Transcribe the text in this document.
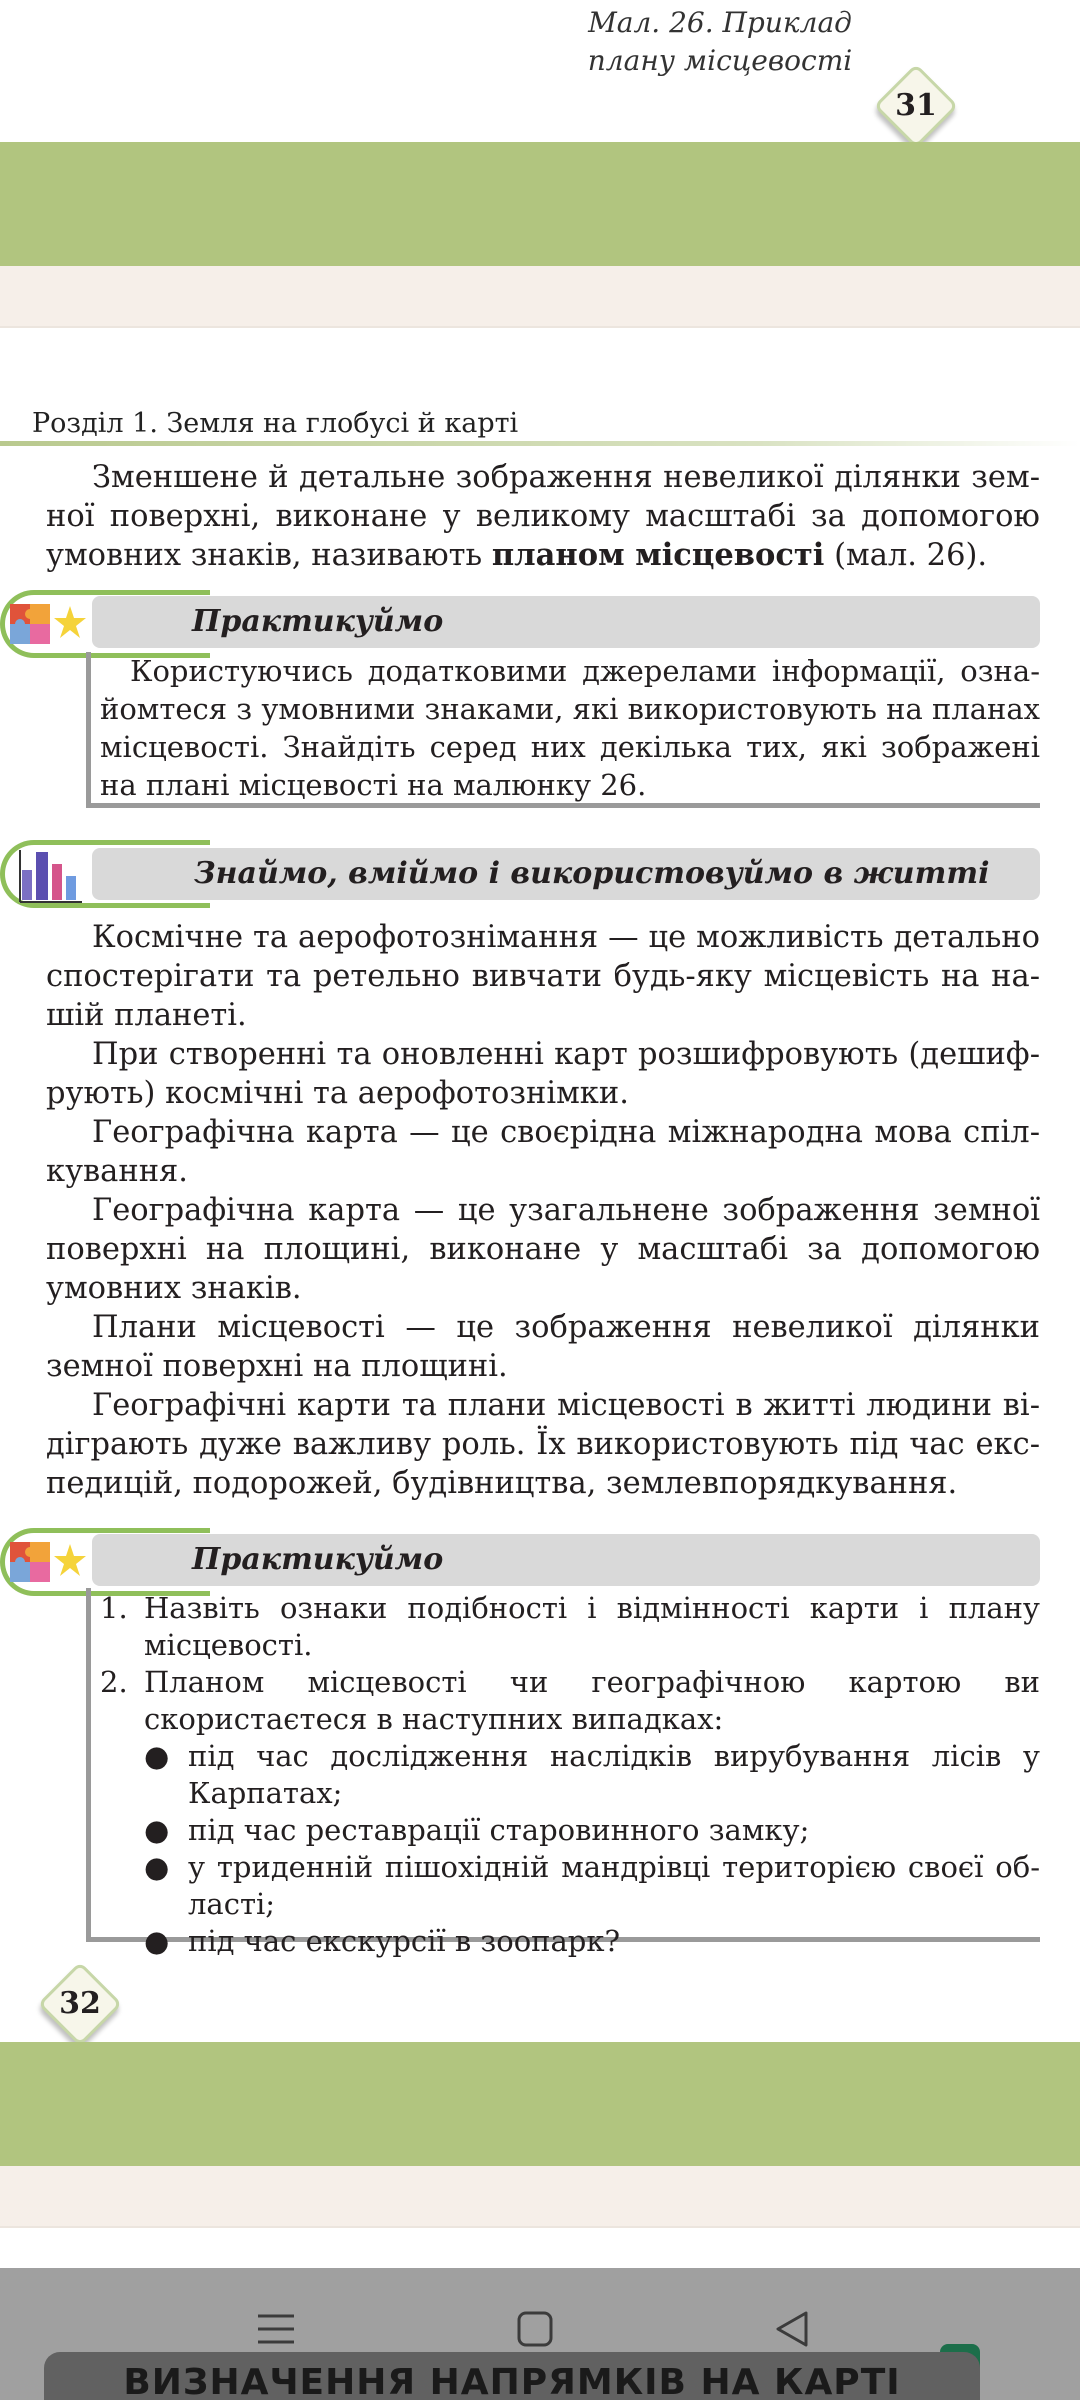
Мал. 26. Приклад
плану місцевості
31
Розділ 1. Земля на глобусі й карті
Зменшене й детальне зображення невеликої ділянки земної поверхні, виконане у великому масштабі за допомогою умовних знаків, називають планом місцевості (мал. 26).
Практикуймо
Користуючись додатковими джерелами інформації, ознайомтеся з умовними знаками, які використовують на планах місцевості. Знайдіть серед них декілька тих, які зображені на плані місцевості на малюнку 26.
Знаймо, вміймо і використовуймо в житті

Космічне та аерофотознімання — це можливість детально спостерігати та ретельно вивчати будь-яку місцевість на нашій планеті.

При створенні та оновленні карт розшифровують (дешифрують) космічні та аерофотознімки.

Географічна карта — це своєрідна міжнародна мова спілкування.

Географічна карта — це узагальнене зображення земної поверхні на площині, виконане у масштабі за допомогою умовних знаків.

Плани місцевості — це зображення невеликої ділянки земної поверхні на площині.

Географічні карти та плани місцевості в житті людини відіграють дуже важливу роль. Їх використовують під час експедицій, подорожей, будівництва, землевпорядкування.

Практикуймо
1. Назвіть ознаки подібності і відмінності карти і плану місцевості.
2. Планом місцевості чи географічною картою ви скористаєтеся в наступних випадках:
● під час дослідження наслідків вирубування лісів у Карпатах;
● під час реставрації старовинного замку;
● у триденній пішохідній мандрівці територією своєї області;
● під час екскурсії в зоопарк?
32
ВИЗНАЧЕННЯ НАПРЯМКІВ НА КАРТІ
